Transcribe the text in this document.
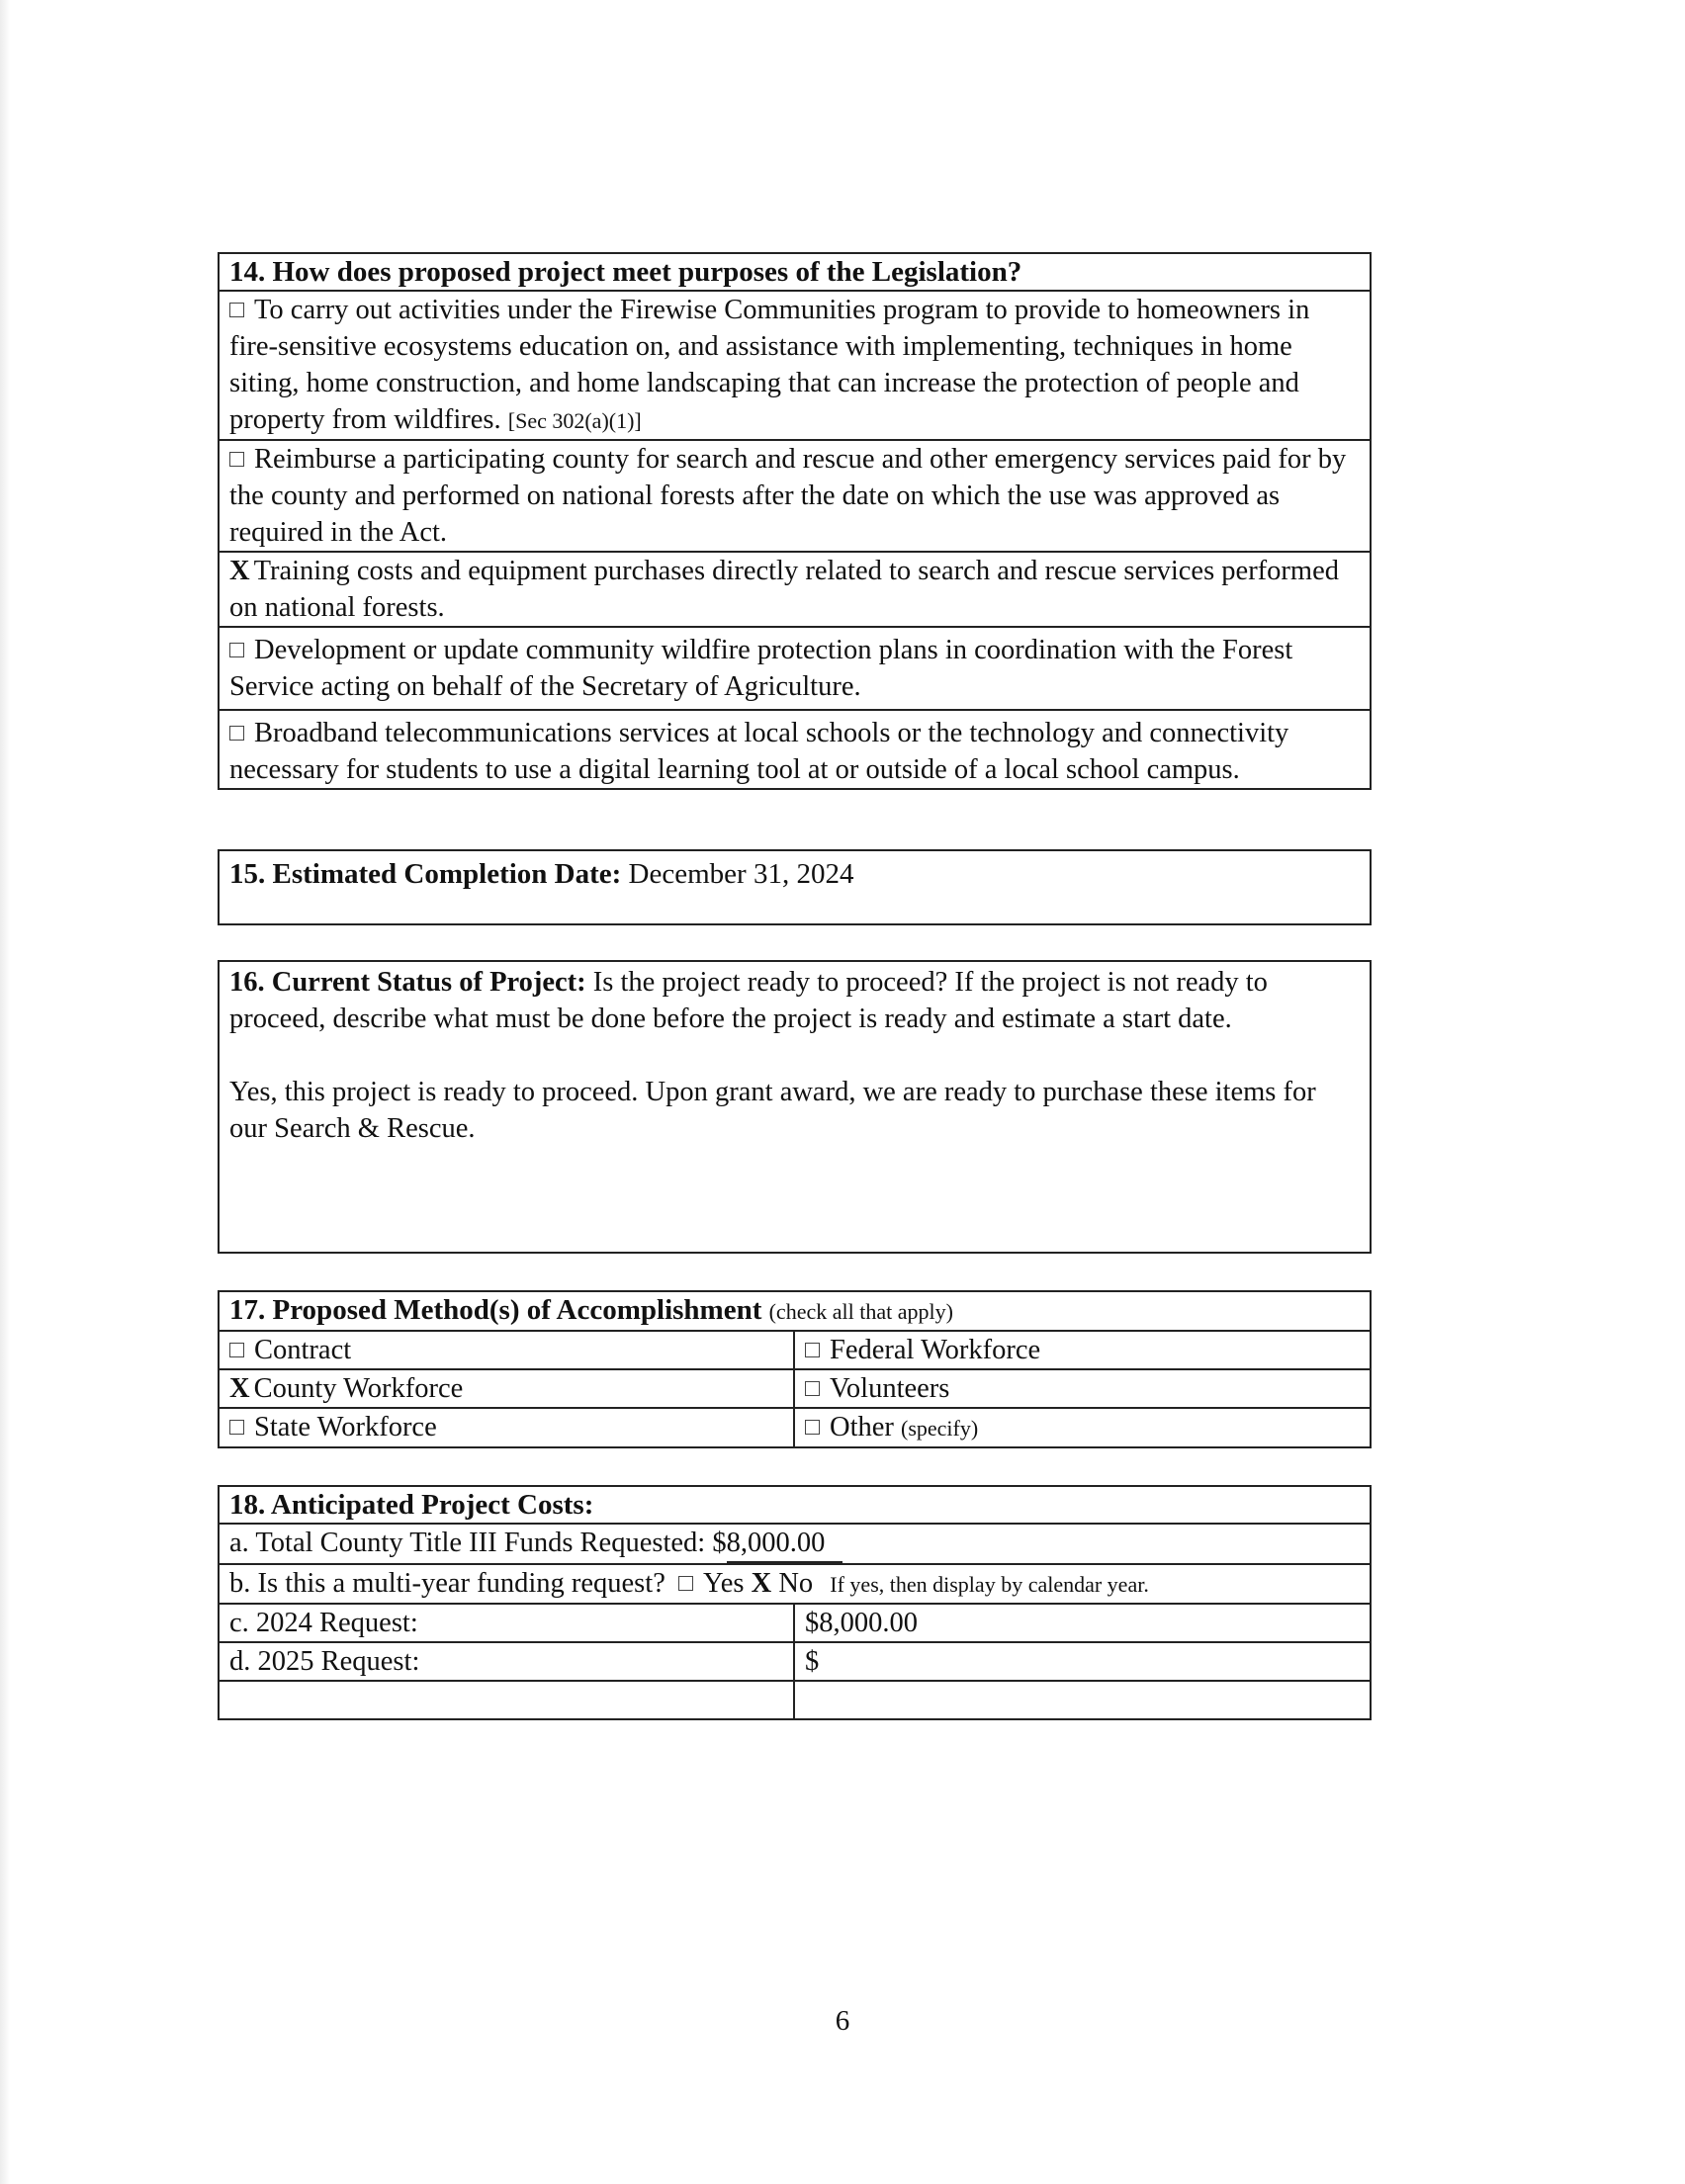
14. How does proposed project meet purposes of the Legislation?
To carry out activities under the Firewise Communities program to provide to homeowners in fire-sensitive ecosystems education on, and assistance with implementing, techniques in home siting, home construction, and home landscaping that can increase the protection of people and property from wildfires. [Sec 302(a)(1)]
Reimburse a participating county for search and rescue and other emergency services paid for by the county and performed on national forests after the date on which the use was approved as required in the Act.
X Training costs and equipment purchases directly related to search and rescue services performed on national forests.
Development or update community wildfire protection plans in coordination with the Forest Service acting on behalf of the Secretary of Agriculture.
Broadband telecommunications services at local schools or the technology and connectivity necessary for students to use a digital learning tool at or outside of a local school campus.
15. Estimated Completion Date: December 31, 2024
16. Current Status of Project: Is the project ready to proceed? If the project is not ready to proceed, describe what must be done before the project is ready and estimate a start date.
Yes, this project is ready to proceed. Upon grant award, we are ready to purchase these items for our Search & Rescue.
17. Proposed Method(s) of Accomplishment (check all that apply)
Contract	Federal Workforce
X County Workforce	Volunteers
State Workforce	Other (specify)
18. Anticipated Project Costs:
a. Total County Title III Funds Requested: $8,000.00
b. Is this a multi-year funding request? Yes X No If yes, then display by calendar year.
c. 2024 Request:	$8,000.00
d. 2025 Request:	$
6
